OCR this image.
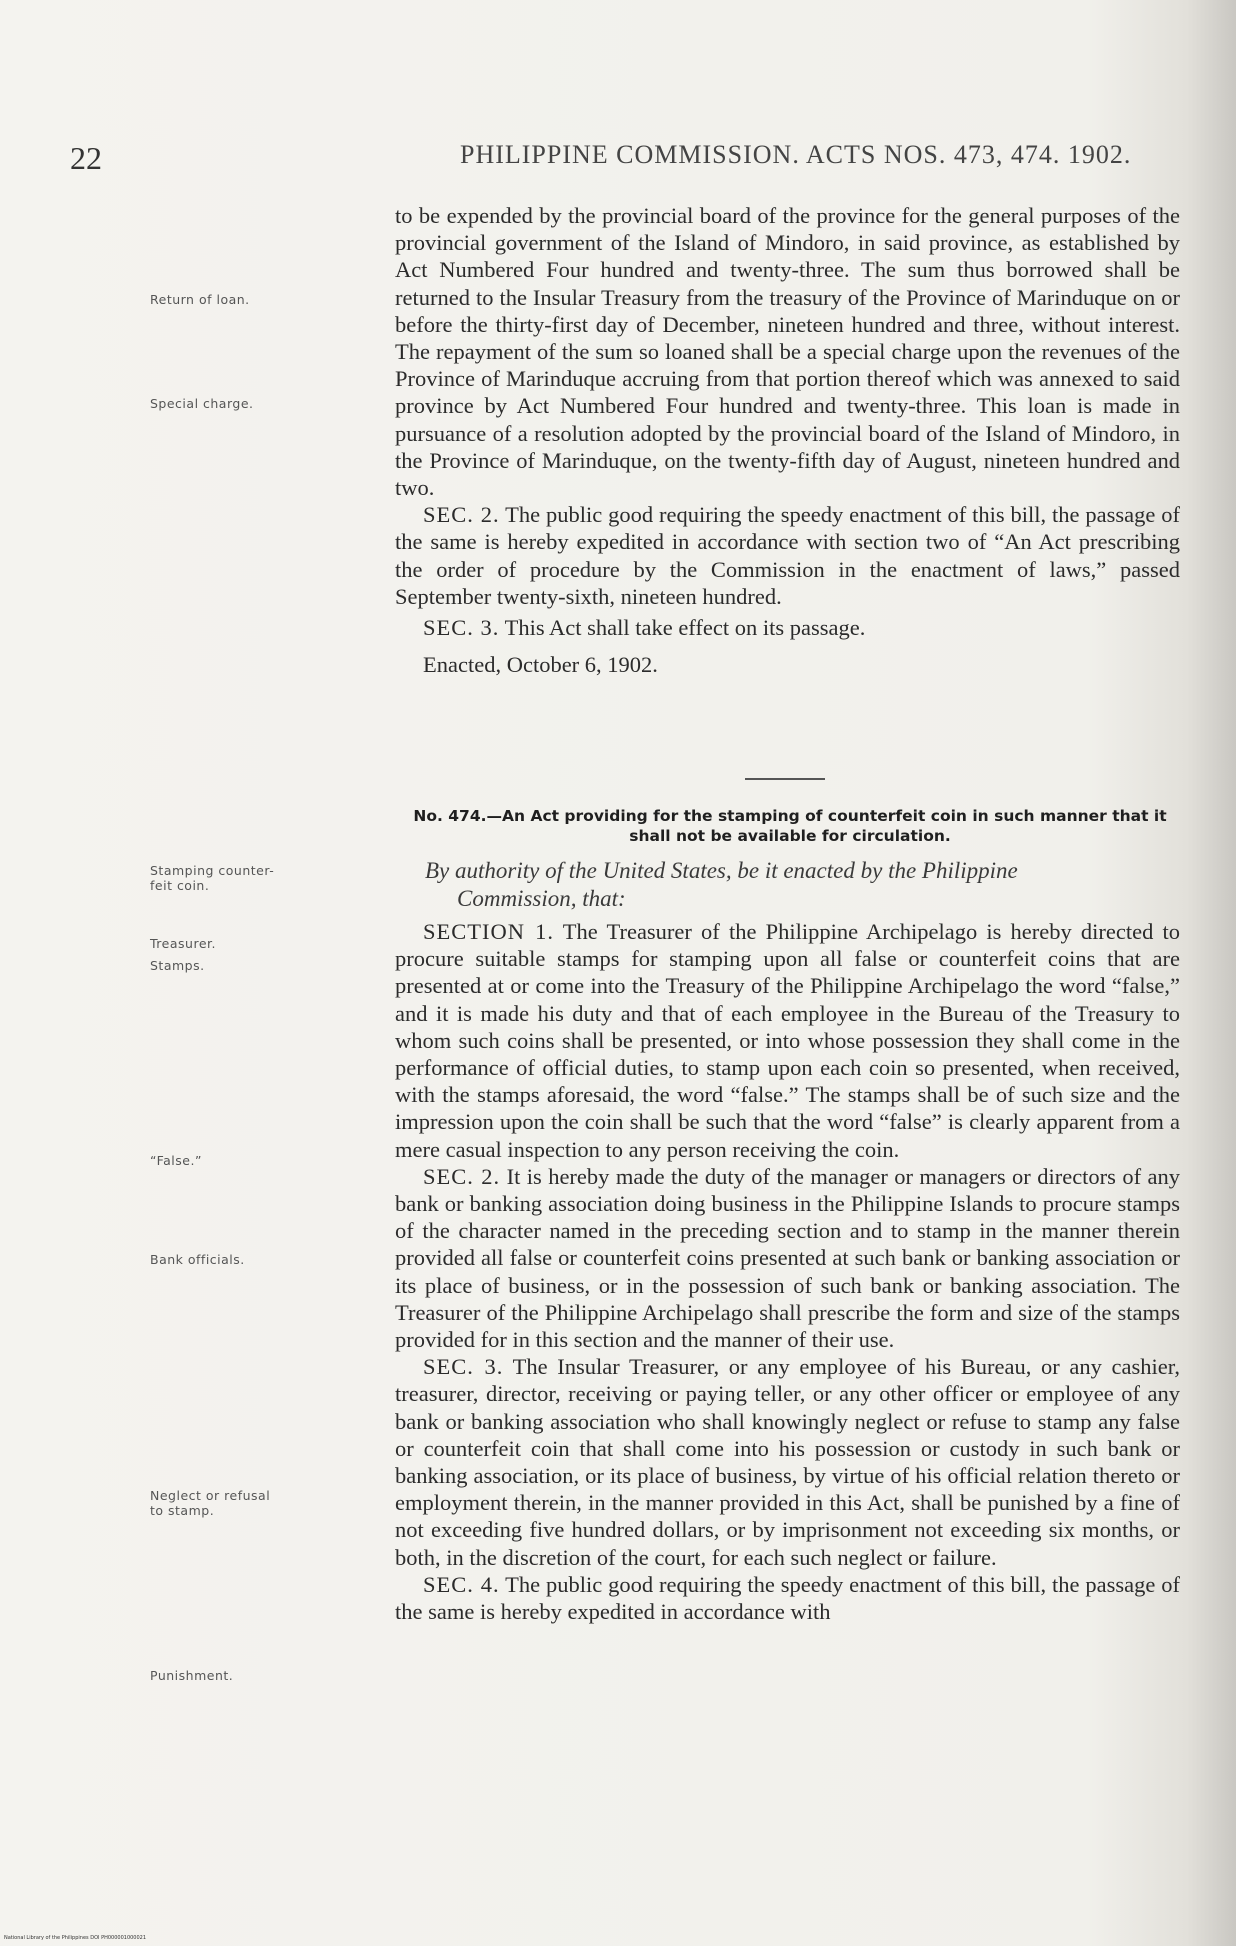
22	PHILIPPINE COMMISSION. ACTS NOS. 473, 474. 1902.

to be expended by the provincial board of the province for the general purposes of the provincial government of the Island of Mindoro, in said province, as established by Act Numbered Four hundred and twenty-three. The sum thus borrowed shall be returned to the Insular Treasury from the treasury of the Province of Marinduque on or before the thirty-first day of December, nineteen hundred and three, without interest. The repayment of the sum so loaned shall be a special charge upon the revenues of the Province of Marinduque accruing from that portion thereof which was annexed to said province by Act Numbered Four hundred and twenty-three. This loan is made in pursuance of a resolution adopted by the provincial board of the Island of Mindoro, in the Province of Marinduque, on the twenty-fifth day of August, nineteen hundred and two.

SEC. 2. The public good requiring the speedy enactment of this bill, the passage of the same is hereby expedited in accordance with section two of “An Act prescribing the order of procedure by the Commission in the enactment of laws,” passed September twenty-sixth, nineteen hundred.

SEC. 3. This Act shall take effect on its passage.

Enacted, October 6, 1902.

No. 474.—An Act providing for the stamping of counterfeit coin in such manner that it shall not be available for circulation.
By authority of the United States, be it enacted by the Philippine
Commission, that:

SECTION 1. The Treasurer of the Philippine Archipelago is hereby directed to procure suitable stamps for stamping upon all false or counterfeit coins that are presented at or come into the Treasury of the Philippine Archipelago the word “false,” and it is made his duty and that of each employee in the Bureau of the Treasury to whom such coins shall be presented, or into whose possession they shall come in the performance of official duties, to stamp upon each coin so presented, when received, with the stamps aforesaid, the word “false.” The stamps shall be of such size and the impression upon the coin shall be such that the word “false” is clearly apparent from a mere casual inspection to any person receiving the coin.

SEC. 2. It is hereby made the duty of the manager or managers or directors of any bank or banking association doing business in the Philippine Islands to procure stamps of the character named in the preceding section and to stamp in the manner therein provided all false or counterfeit coins presented at such bank or banking association or its place of business, or in the possession of such bank or banking association. The Treasurer of the Philippine Archipelago shall prescribe the form and size of the stamps provided for in this section and the manner of their use.

SEC. 3. The Insular Treasurer, or any employee of his Bureau, or any cashier, treasurer, director, receiving or paying teller, or any other officer or employee of any bank or banking association who shall knowingly neglect or refuse to stamp any false or counterfeit coin that shall come into his possession or custody in such bank or banking association, or its place of business, by virtue of his official relation thereto or employment therein, in the manner provided in this Act, shall be punished by a fine of not exceeding five hundred dollars, or by imprisonment not exceeding six months, or both, in the discretion of the court, for each such neglect or failure.

SEC. 4. The public good requiring the speedy enactment of this bill, the passage of the same is hereby expedited in accordance with

Return of loan.
Special charge.
Stamping counter-
feit coin.
Treasurer.
Stamps.
“False.”
Bank officials.
Neglect or refusal
to stamp.
Punishment.
National Library of the Philippines DOI PH000001000021
